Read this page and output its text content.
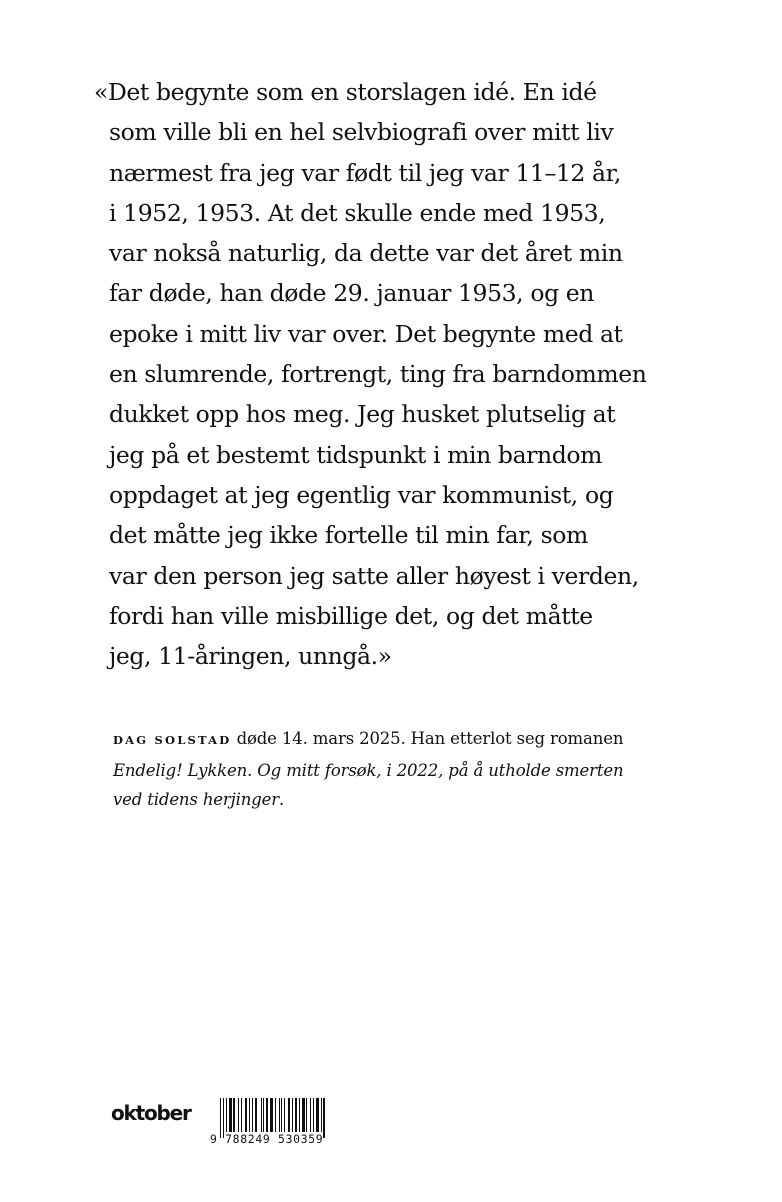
«Det begynte som en storslagen idé. En idé
som ville bli en hel selvbiografi over mitt liv
nærmest fra jeg var født til jeg var 11–12 år,
i 1952, 1953. At det skulle ende med 1953,
var nokså naturlig, da dette var det året min
far døde, han døde 29. januar 1953, og en
epoke i mitt liv var over. Det begynte med at
en slumrende, fortrengt, ting fra barndommen
dukket opp hos meg. Jeg husket plutselig at
jeg på et bestemt tidspunkt i min barndom
oppdaget at jeg egentlig var kommunist, og
det måtte jeg ikke fortelle til min far, som
var den person jeg satte aller høyest i verden,
fordi han ville misbillige det, og det måtte
jeg, 11-åringen, unngå.»
DAG SOLSTAD døde 14. mars 2025. Han etterlot seg romanen
Endelig! Lykken. Og mitt forsøk, i 2022, på å utholde smerten
ved tidens herjinger.
oktober
9 788249 530359
